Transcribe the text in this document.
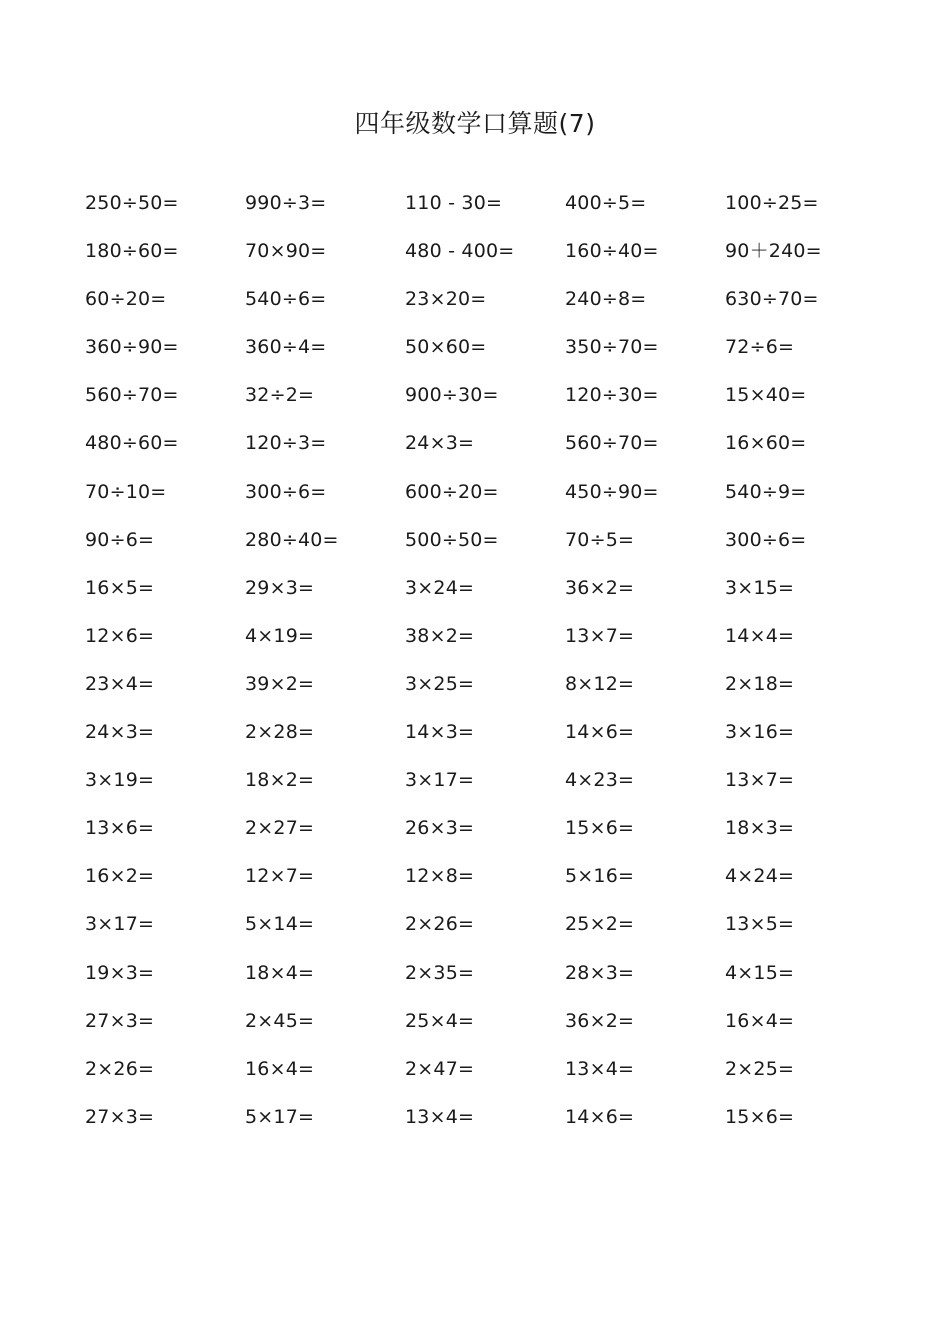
四年级数学口算题(7)
250÷50=	990÷3=	110 - 30=	400÷5=	100÷25=
180÷60=	70×90=	480 - 400=	160÷40=	90＋240=
60÷20=	540÷6=	23×20=	240÷8=	630÷70=
360÷90=	360÷4=	50×60=	350÷70=	72÷6=
560÷70=	32÷2=	900÷30=	120÷30=	15×40=
480÷60=	120÷3=	24×3=	560÷70=	16×60=
70÷10=	300÷6=	600÷20=	450÷90=	540÷9=
90÷6=	280÷40=	500÷50=	70÷5=	300÷6=
16×5=	29×3=	3×24=	36×2=	3×15=
12×6=	4×19=	38×2=	13×7=	14×4=
23×4=	39×2=	3×25=	8×12=	2×18=
24×3=	2×28=	14×3=	14×6=	3×16=
3×19=	18×2=	3×17=	4×23=	13×7=
13×6=	2×27=	26×3=	15×6=	18×3=
16×2=	12×7=	12×8=	5×16=	4×24=
3×17=	5×14=	2×26=	25×2=	13×5=
19×3=	18×4=	2×35=	28×3=	4×15=
27×3=	2×45=	25×4=	36×2=	16×4=
2×26=	16×4=	2×47=	13×4=	2×25=
27×3=	5×17=	13×4=	14×6=	15×6=
